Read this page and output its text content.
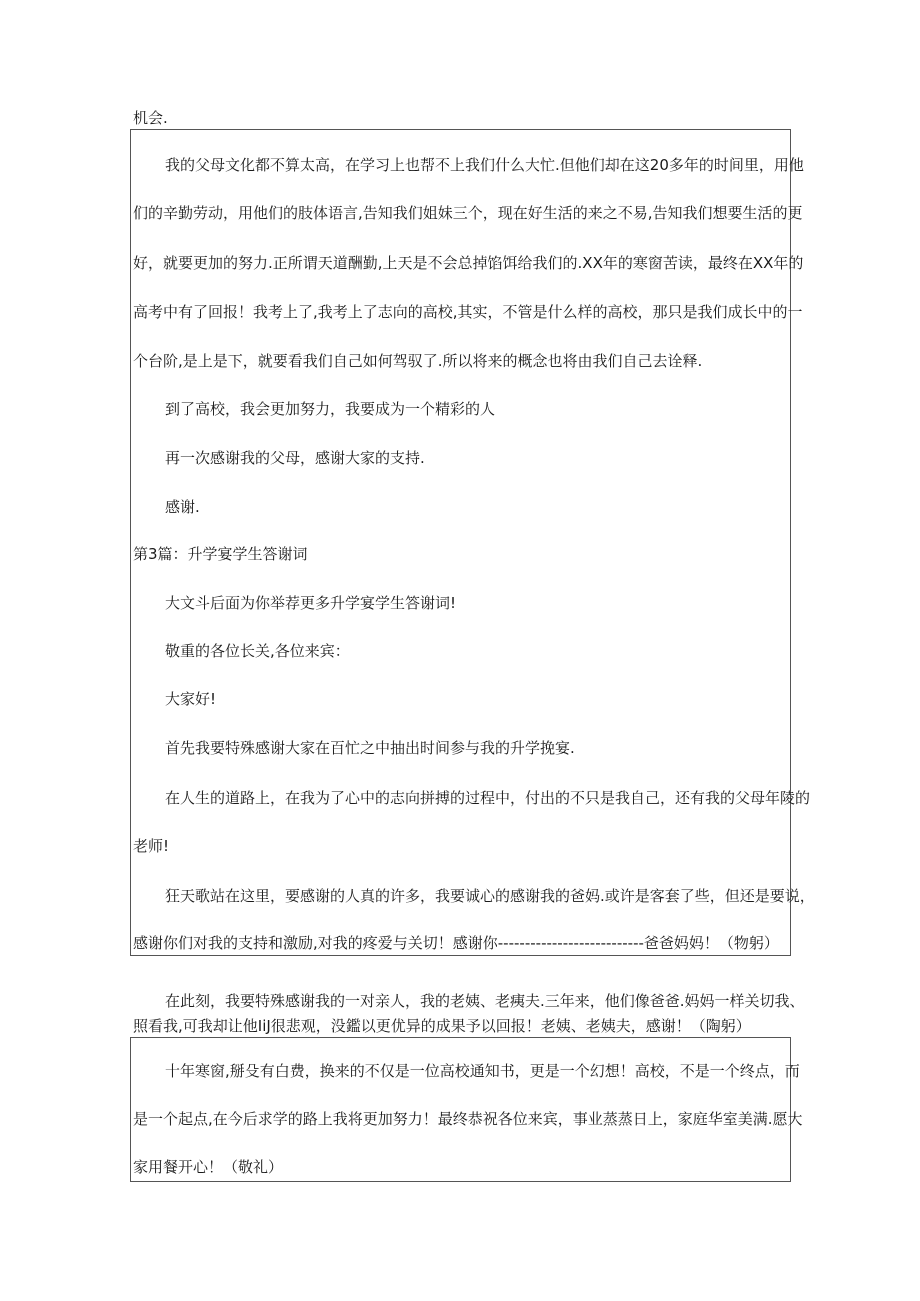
机会.
我的父母文化都不算太高，在学习上也帮不上我们什么大忙.但他们却在这20多年的时间里，用他
们的辛勤劳动，用他们的肢体语言,告知我们姐妹三个，现在好生活的来之不易,告知我们想要生活的更
好，就要更加的努力.正所谓天道酬勤,上天是不会总掉馅饵给我们的.XX年的寒窗苦读，最终在XX年的
高考中有了回报！我考上了,我考上了志向的高校,其实，不管是什么样的高校，那只是我们成长中的一
个台阶,是上是下，就要看我们自己如何驾驭了.所以将来的概念也将由我们自己去诠释.
到了高校，我会更加努力，我要成为一个精彩的人
再一次感谢我的父母，感谢大家的支持.
感谢.
第3篇：升学宴学生答谢词
大文斗后面为你举荐更多升学宴学生答谢词!
敬重的各位长关,各位来宾：
大家好!
首先我要特殊感谢大家在百忙之中抽出时间参与我的升学挽宴.
在人生的道路上，在我为了心中的志向拼搏的过程中，付出的不只是我自己，还有我的父母年陵的
老师!
狂天歌站在这里，要感谢的人真的许多，我要诚心的感谢我的爸妈.或许是客套了些，但还是要说，
感谢你们对我的支持和激励,对我的疼爱与关切！感谢你---------------------------爸爸妈妈！（物躬）
在此刻，我要特殊感谢我的一对亲人，我的老姨、老痍夫.三年来，他们像爸爸.妈妈一样关切我、
照看我,可我却让他IiJ很悲观，没鑑以更优异的成果予以回报！老姨、老姨夫，感谢！（陶躬）
十年寒窗,掰殳有白费，换来的不仅是一位高校通知书，更是一个幻想！高校，不是一个终点，而
是一个起点,在今后求学的路上我将更加努力！最终恭祝各位来宾，事业蒸蒸日上，家庭华室美满.愿大
家用餐开心！（敬礼）
